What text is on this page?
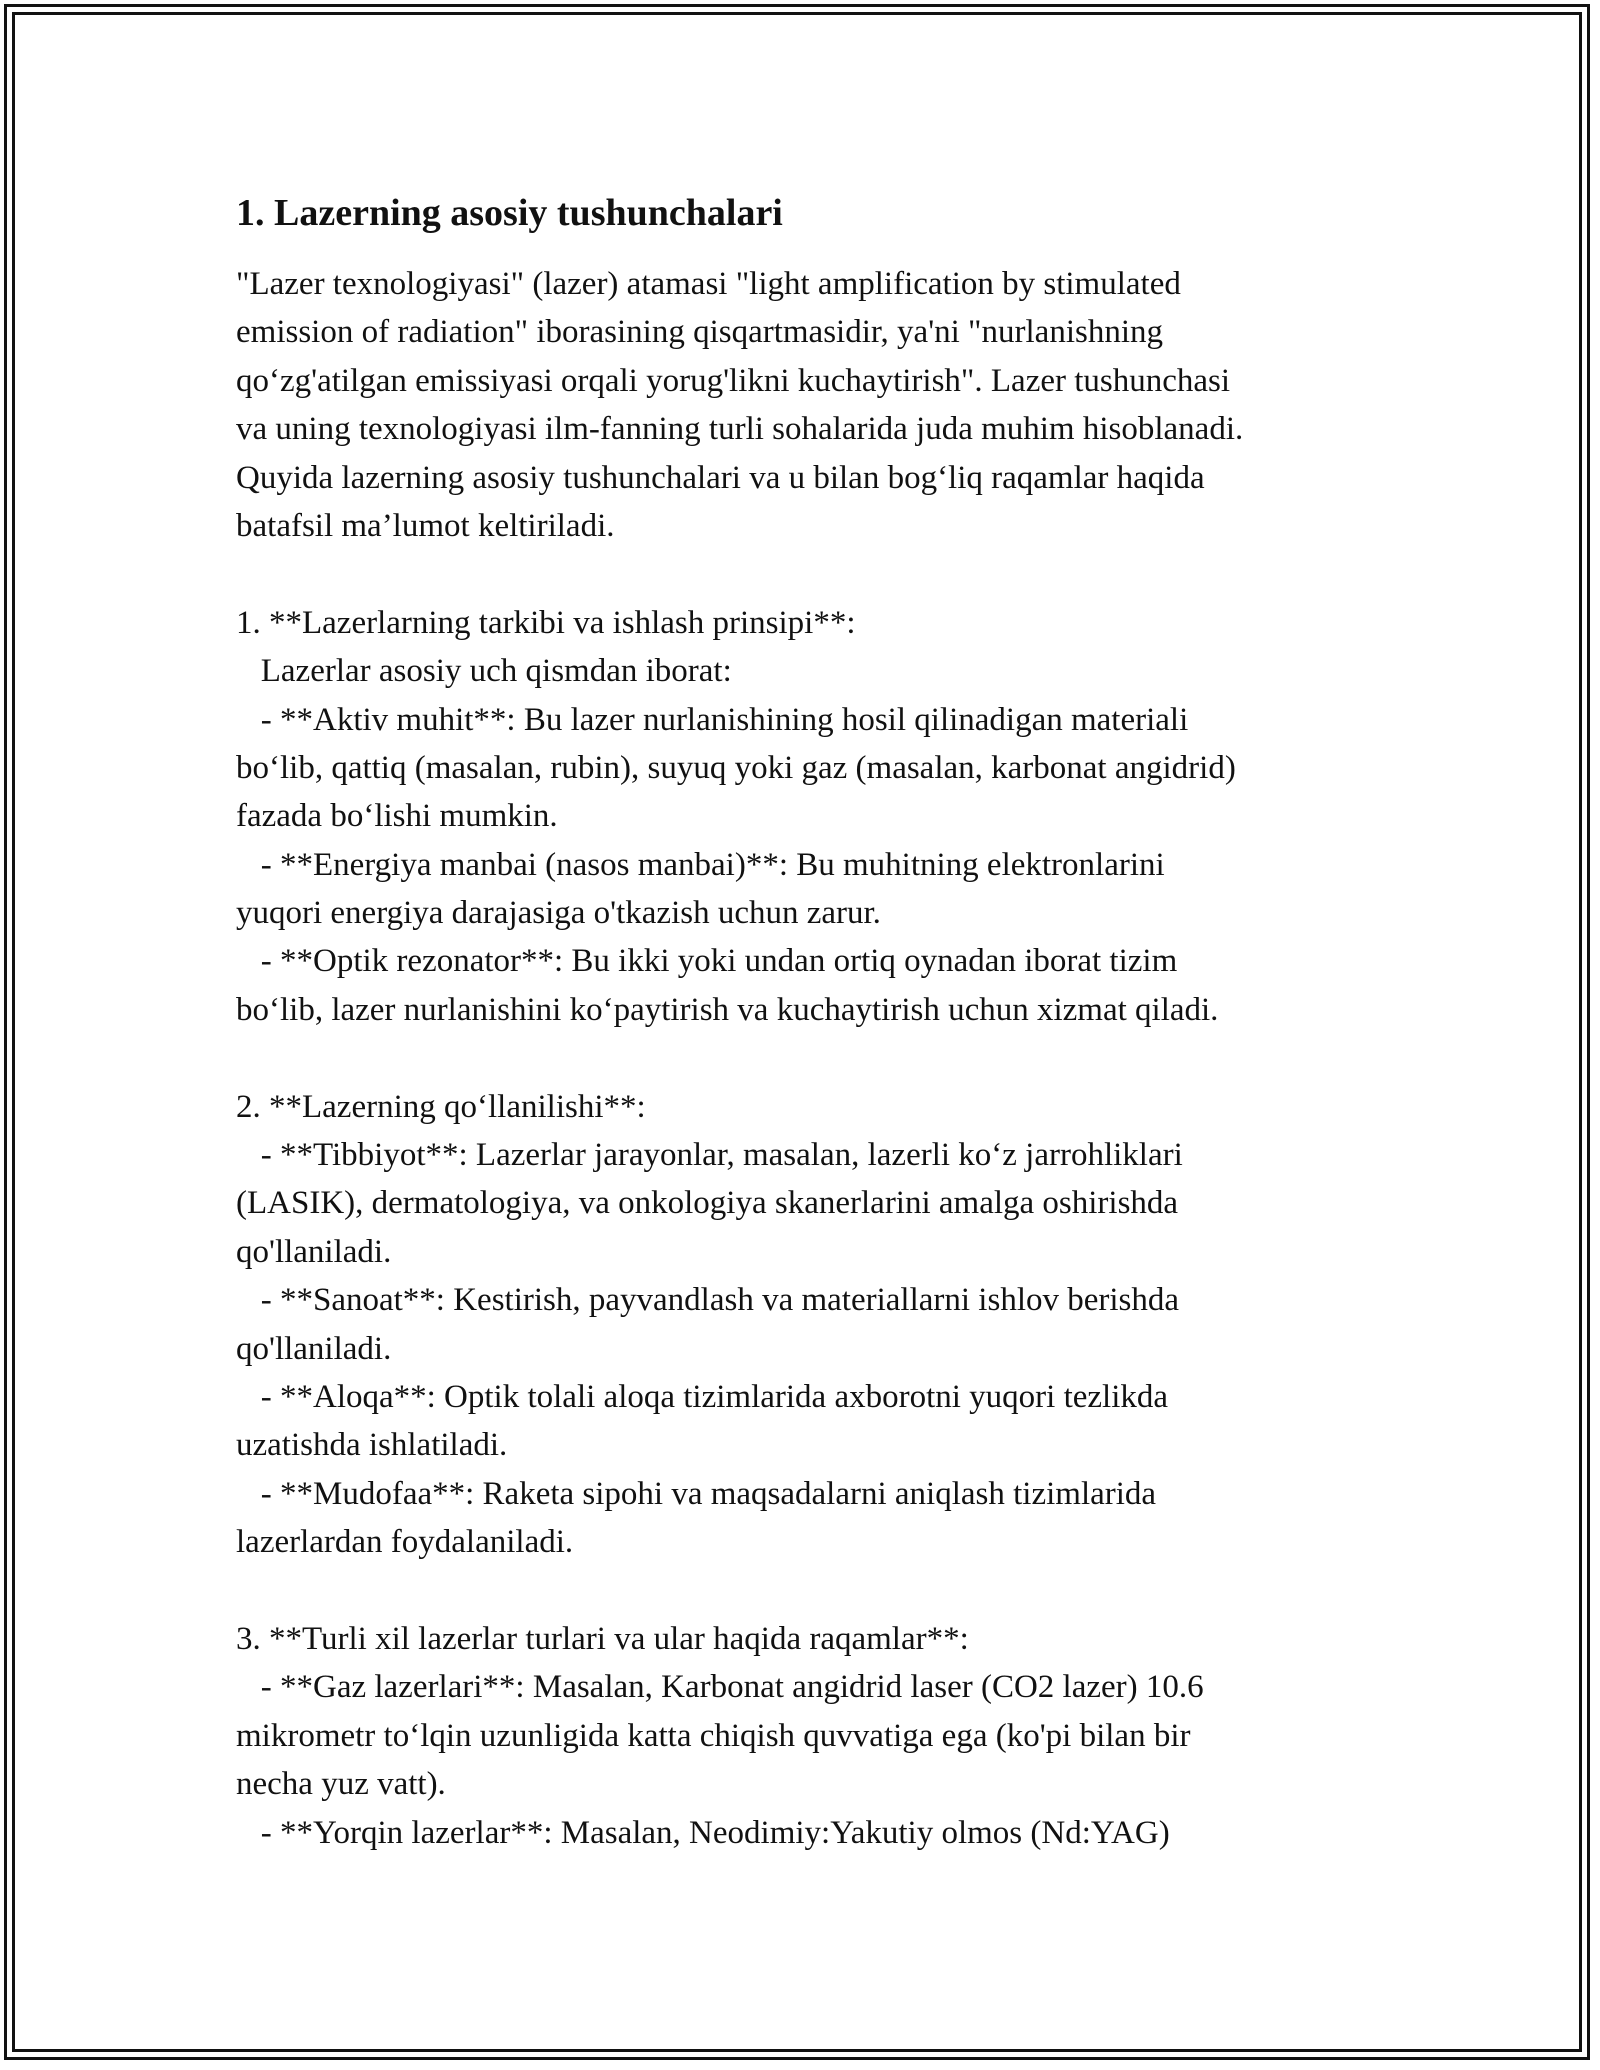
1. Lazerning asosiy tushunchalari
"Lazer texnologiyasi" (lazer) atamasi "light amplification by stimulated
emission of radiation" iborasining qisqartmasidir, ya'ni "nurlanishning
qo‘zg'atilgan emissiyasi orqali yorug'likni kuchaytirish". Lazer tushunchasi
va uning texnologiyasi ilm-fanning turli sohalarida juda muhim hisoblanadi.
Quyida lazerning asosiy tushunchalari va u bilan bog‘liq raqamlar haqida
batafsil ma’lumot keltiriladi.
1. **Lazerlarning tarkibi va ishlash prinsipi**:
Lazerlar asosiy uch qismdan iborat:
- **Aktiv muhit**: Bu lazer nurlanishining hosil qilinadigan materiali
bo‘lib, qattiq (masalan, rubin), suyuq yoki gaz (masalan, karbonat angidrid)
fazada bo‘lishi mumkin.
- **Energiya manbai (nasos manbai)**: Bu muhitning elektronlarini
yuqori energiya darajasiga o'tkazish uchun zarur.
- **Optik rezonator**: Bu ikki yoki undan ortiq oynadan iborat tizim
bo‘lib, lazer nurlanishini ko‘paytirish va kuchaytirish uchun xizmat qiladi.
2. **Lazerning qo‘llanilishi**:
- **Tibbiyot**: Lazerlar jarayonlar, masalan, lazerli ko‘z jarrohliklari
(LASIK), dermatologiya, va onkologiya skanerlarini amalga oshirishda
qo'llaniladi.
- **Sanoat**: Kestirish, payvandlash va materiallarni ishlov berishda
qo'llaniladi.
- **Aloqa**: Optik tolali aloqa tizimlarida axborotni yuqori tezlikda
uzatishda ishlatiladi.
- **Mudofaa**: Raketa sipohi va maqsadalarni aniqlash tizimlarida
lazerlardan foydalaniladi.
3. **Turli xil lazerlar turlari va ular haqida raqamlar**:
- **Gaz lazerlari**: Masalan, Karbonat angidrid laser (CO2 lazer) 10.6
mikrometr to‘lqin uzunligida katta chiqish quvvatiga ega (ko'pi bilan bir
necha yuz vatt).
- **Yorqin lazerlar**: Masalan, Neodimiy:Yakutiy olmos (Nd:YAG)
